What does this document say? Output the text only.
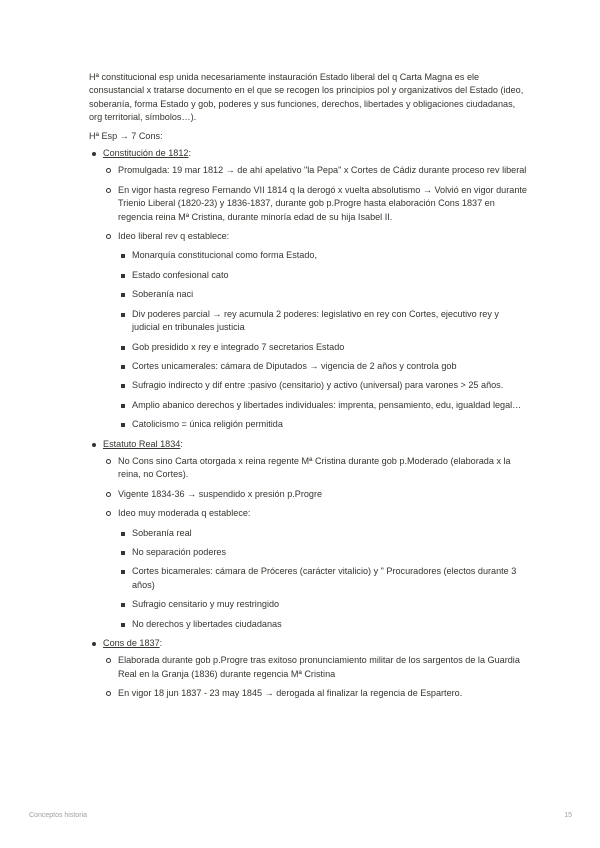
Hª constitucional esp unida necesariamente instauración Estado liberal del q Carta Magna es ele consustancial x tratarse documento en el que se recogen los principios pol y organizativos del Estado (ideo, soberanía, forma Estado y gob, poderes y sus funciones, derechos, libertades y obligaciones ciudadanas, org territorial, símbolos…).

Hª Esp → 7 Cons:

Constitución de 1812:
Promulgada: 19 mar 1812 → de ahí apelativo "la Pepa" x Cortes de Cádiz durante proceso rev liberal
En vigor hasta regreso Fernando VII 1814 q la derogó x vuelta absolutismo → Volvió en vigor durante Trienio Liberal (1820-23) y 1836-1837, durante gob p.Progre hasta elaboración Cons 1837 en regencia reina Mª Cristina, durante minoría edad de su hija Isabel II.
Ideo liberal rev q establece:
Monarquía constitucional como forma Estado,
Estado confesional cato
Soberanía naci
Div poderes parcial → rey acumula 2 poderes: legislativo en rey con Cortes, ejecutivo rey y judicial en tribunales justicia
Gob presidido x rey e integrado 7 secretarios Estado
Cortes unicamerales: cámara de Diputados → vigencia de 2 años y controla gob
Sufragio indirecto y dif entre :pasivo (censitario) y activo (universal) para varones > 25 años.
Amplio abanico derechos y libertades individuales: imprenta, pensamiento, edu, igualdad legal…
Catolicismo = única religión permitida
Estatuto Real 1834:
No Cons sino Carta otorgada x reina regente Mª Cristina durante gob p.Moderado (elaborada x la reina, no Cortes).
Vigente 1834-36 → suspendido x presión p.Progre
Ideo muy moderada q establece:
Soberanía real
No separación poderes
Cortes bicamerales: cámara de Próceres (carácter vitalicio) y " Procuradores (electos durante 3 años)
Sufragio censitario y muy restringido
No derechos y libertades ciudadanas
Cons de 1837:
Elaborada durante gob p.Progre tras exitoso pronunciamiento militar de los sargentos de la Guardia Real en la Granja (1836) durante regencia Mª Cristina
En vigor 18 jun 1837 - 23 may 1845 → derogada al finalizar la regencia de Espartero.
Conceptos historia	15
